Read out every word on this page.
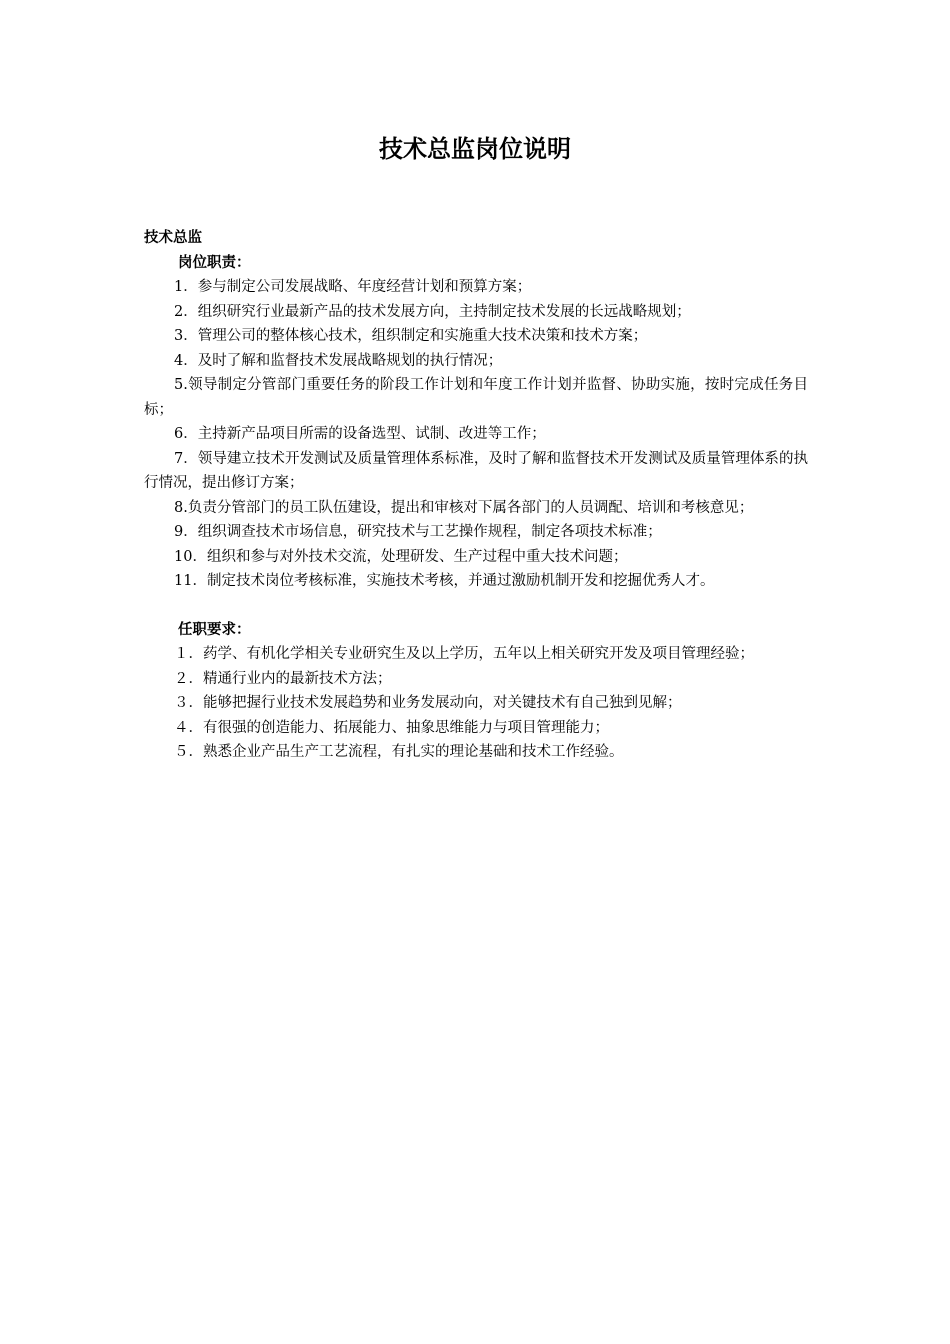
技术总监岗位说明

技术总监

岗位职责：

1．参与制定公司发展战略、年度经营计划和预算方案；

2．组织研究行业最新产品的技术发展方向，主持制定技术发展的长远战略规划；

3．管理公司的整体核心技术，组织制定和实施重大技术决策和技术方案；

4．及时了解和监督技术发展战略规划的执行情况；

5.领导制定分管部门重要任务的阶段工作计划和年度工作计划并监督、协助实施，按时完成任务目标；

6．主持新产品项目所需的设备选型、试制、改进等工作；

7．领导建立技术开发测试及质量管理体系标准，及时了解和监督技术开发测试及质量管理体系的执行情况，提出修订方案；

8.负责分管部门的员工队伍建设，提出和审核对下属各部门的人员调配、培训和考核意见；

9．组织调查技术市场信息，研究技术与工艺操作规程，制定各项技术标准；

10．组织和参与对外技术交流，处理研发、生产过程中重大技术问题；

11．制定技术岗位考核标准，实施技术考核，并通过激励机制开发和挖掘优秀人才。

任职要求：

１．药学、有机化学相关专业研究生及以上学历，五年以上相关研究开发及项目管理经验；

２．精通行业内的最新技术方法；

３．能够把握行业技术发展趋势和业务发展动向，对关键技术有自己独到见解；

４．有很强的创造能力、拓展能力、抽象思维能力与项目管理能力；

５．熟悉企业产品生产工艺流程，有扎实的理论基础和技术工作经验。
